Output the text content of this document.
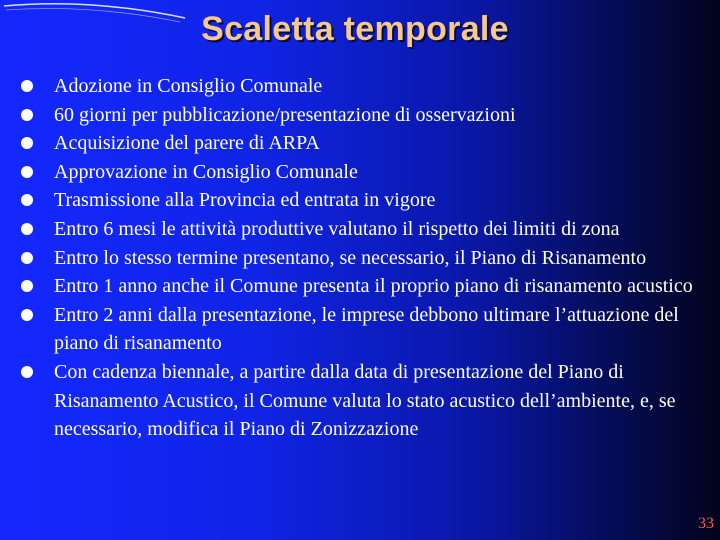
Scaletta temporale
Adozione in Consiglio Comunale
60 giorni per pubblicazione/presentazione di osservazioni
Acquisizione del parere di ARPA
Approvazione in Consiglio Comunale
Trasmissione alla Provincia ed entrata in vigore
Entro 6 mesi le attività produttive valutano il rispetto dei limiti di zona
Entro lo stesso termine presentano, se necessario, il Piano di Risanamento
Entro 1 anno anche il Comune presenta il proprio piano di risanamento acustico
Entro 2 anni dalla presentazione, le imprese debbono ultimare l’attuazione del piano di risanamento
Con cadenza biennale, a partire dalla data di presentazione del Piano di Risanamento Acustico, il Comune valuta lo stato acustico dell’ambiente, e, se necessario, modifica il Piano di Zonizzazione
33
